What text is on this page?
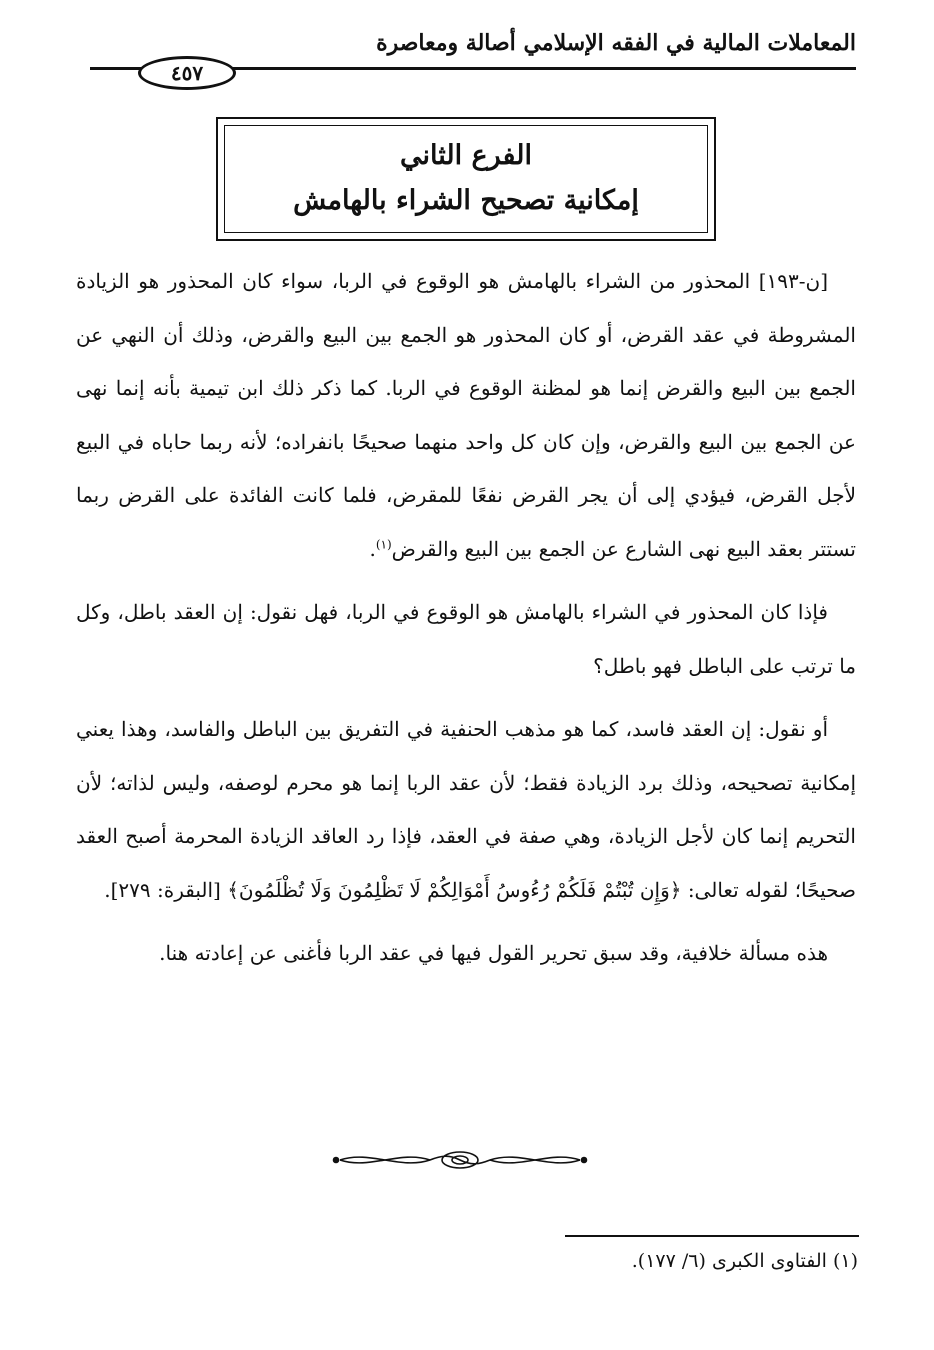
المعاملات المالية في الفقه الإسلامي أصالة ومعاصرة
٤٥٧
الفرع الثاني
إمكانية تصحيح الشراء بالهامش

[ن-١٩٣] المحذور من الشراء بالهامش هو الوقوع في الربا، سواء كان المحذور هو الزيادة المشروطة في عقد القرض، أو كان المحذور هو الجمع بين البيع والقرض، وذلك أن النهي عن الجمع بين البيع والقرض إنما هو لمظنة الوقوع في الربا. كما ذكر ذلك ابن تيمية بأنه إنما نهى عن الجمع بين البيع والقرض، وإن كان كل واحد منهما صحيحًا بانفراده؛ لأنه ربما حاباه في البيع لأجل القرض، فيؤدي إلى أن يجر القرض نفعًا للمقرض، فلما كانت الفائدة على القرض ربما تستتر بعقد البيع نهى الشارع عن الجمع بين البيع والقرض$^{(١)}$.

فإذا كان المحذور في الشراء بالهامش هو الوقوع في الربا، فهل نقول: إن العقد باطل، وكل ما ترتب على الباطل فهو باطل؟

أو نقول: إن العقد فاسد، كما هو مذهب الحنفية في التفريق بين الباطل والفاسد، وهذا يعني إمكانية تصحيحه، وذلك برد الزيادة فقط؛ لأن عقد الربا إنما هو محرم لوصفه، وليس لذاته؛ لأن التحريم إنما كان لأجل الزيادة، وهي صفة في العقد، فإذا رد العاقد الزيادة المحرمة أصبح العقد صحيحًا؛ لقوله تعالى: ﴿وَإِن تُبْتُمْ فَلَكُمْ رُءُوسُ أَمْوَالِكُمْ لَا تَظْلِمُونَ وَلَا تُظْلَمُونَ﴾ [البقرة: ٢٧٩].

هذه مسألة خلافية، وقد سبق تحرير القول فيها في عقد الربا فأغنى عن إعادته هنا.

(١) الفتاوى الكبرى (٦/ ١٧٧).
